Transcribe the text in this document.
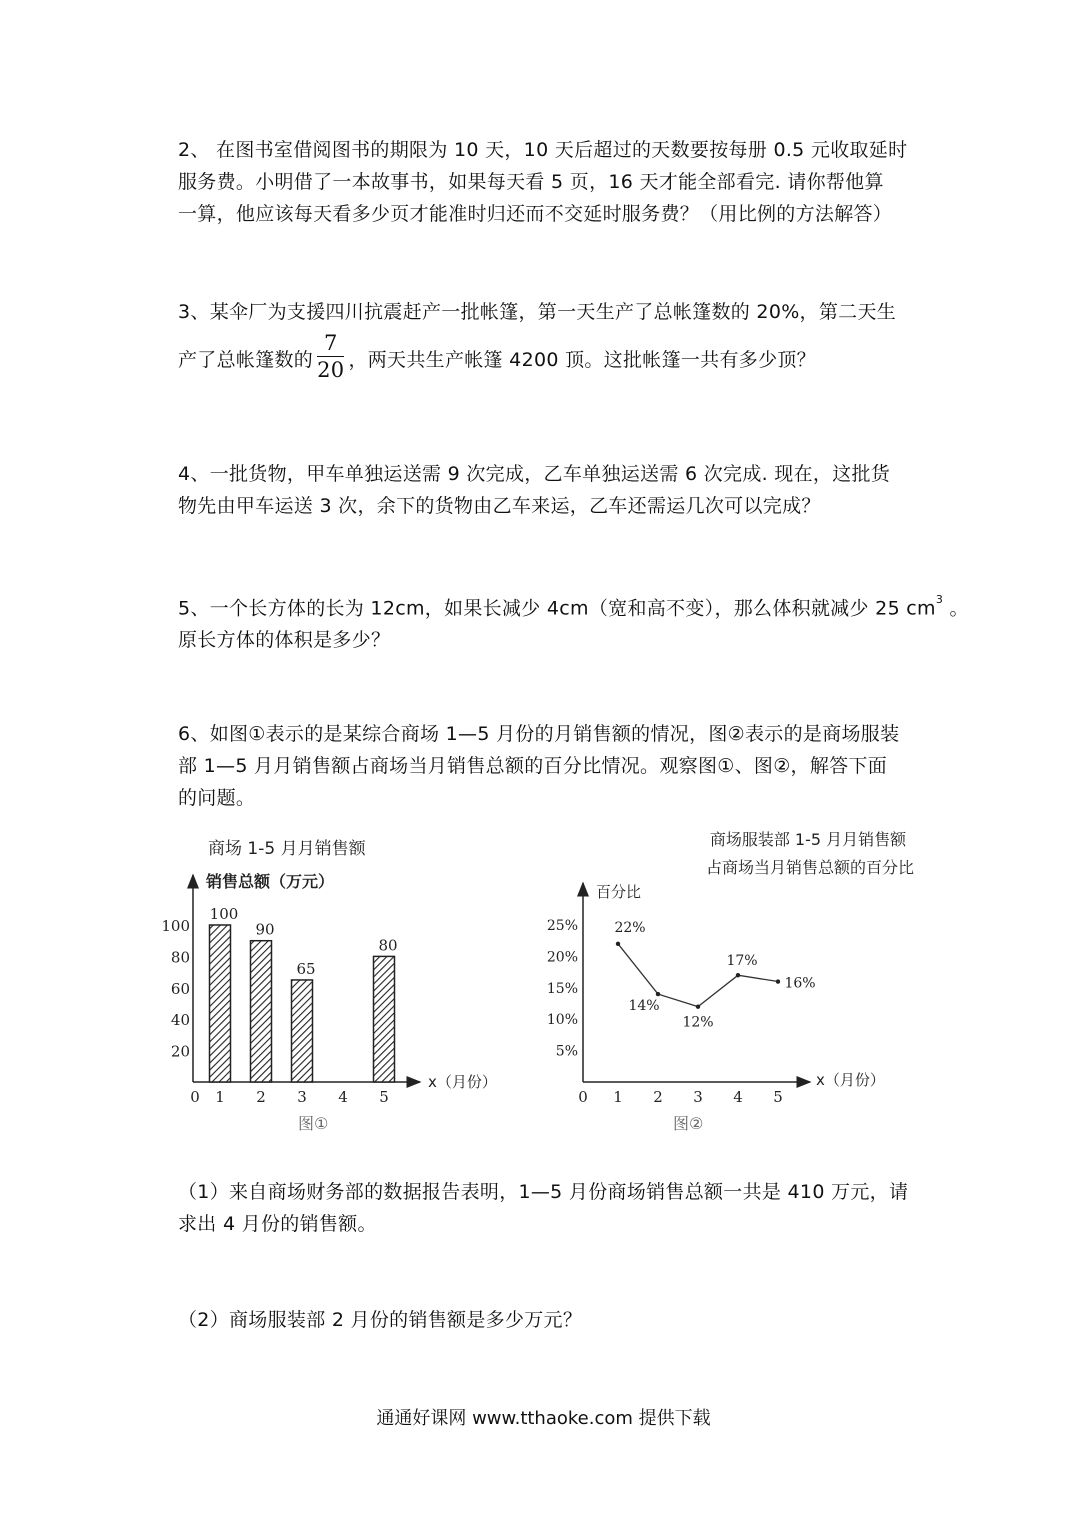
2、 在图书室借阅图书的期限为 10 天，10 天后超过的天数要按每册 0.5 元收取延时

服务费。小明借了一本故事书，如果每天看 5 页，16 天才能全部看完. 请你帮他算

一算，他应该每天看多少页才能准时归还而不交延时服务费？（用比例的方法解答）

3、某伞厂为支援四川抗震赶产一批帐篷，第一天生产了总帐篷数的 20%，第二天生

产了总帐篷数的 $\frac{7}{20}$ ，两天共生产帐篷 4200 顶。这批帐篷一共有多少顶？

4、一批货物，甲车单独运送需 9 次完成，乙车单独运送需 6 次完成. 现在，这批货

物先由甲车运送 3 次，余下的货物由乙车来运，乙车还需运几次可以完成？

5、一个长方体的长为 12cm，如果长减少 4cm（宽和高不变），那么体积就减少 25 $cm^3$ 。

原长方体的体积是多少？

6、如图①表示的是某综合商场 1—5 月份的月销售额的情况，图②表示的是商场服装

部 1—5 月月销售额占商场当月销售总额的百分比情况。观察图①、图②，解答下面

的问题。

商场 1-5 月月销售额
销售总额（万元）
x（月份）
0
图①
20
40
60
80
100
1 2 3 4 5
100
90
65
80
商场服装部 1-5 月月销售额
占商场当月销售总额的百分比
百分比
x（月份）
0
图②
5%
10%
15%
20%
25%
1 2 3 4 5
22%
14%
12%
17%
16%

（1）来自商场财务部的数据报告表明，1—5 月份商场销售总额一共是 410 万元，请

求出 4 月份的销售额。

（2）商场服装部 2 月份的销售额是多少万元？

通通好课网 www.tthaoke.com 提供下载
